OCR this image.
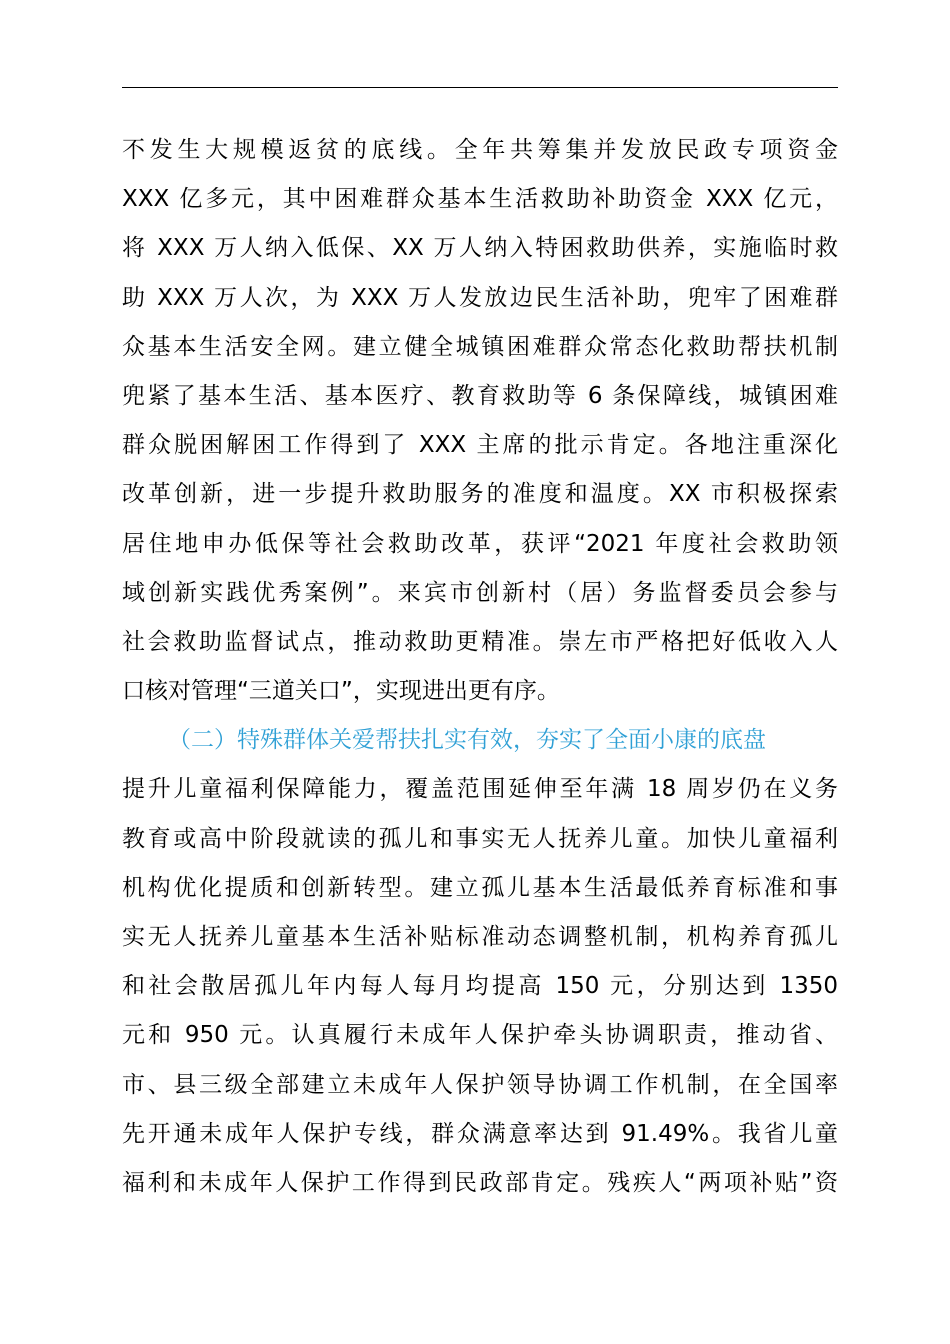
不发生大规模返贫的底线。全年共筹集并发放民政专项资金
XXX 亿多元，其中困难群众基本生活救助补助资金 XXX 亿元，
将 XXX 万人纳入低保、XX 万人纳入特困救助供养，实施临时救
助 XXX 万人次，为 XXX 万人发放边民生活补助，兜牢了困难群
众基本生活安全网。建立健全城镇困难群众常态化救助帮扶机制
兜紧了基本生活、基本医疗、教育救助等 6 条保障线，城镇困难
群众脱困解困工作得到了 XXX 主席的批示肯定。各地注重深化
改革创新，进一步提升救助服务的准度和温度。XX 市积极探索
居住地申办低保等社会救助改革，获评“2021 年度社会救助领
域创新实践优秀案例”。来宾市创新村（居）务监督委员会参与
社会救助监督试点，推动救助更精准。崇左市严格把好低收入人
口核对管理“三道关口”，实现进出更有序。
（二）特殊群体关爱帮扶扎实有效，夯实了全面小康的底盘
提升儿童福利保障能力，覆盖范围延伸至年满 18 周岁仍在义务
教育或高中阶段就读的孤儿和事实无人抚养儿童。加快儿童福利
机构优化提质和创新转型。建立孤儿基本生活最低养育标准和事
实无人抚养儿童基本生活补贴标准动态调整机制，机构养育孤儿
和社会散居孤儿年内每人每月均提高 150 元，分别达到 1350
元和 950 元。认真履行未成年人保护牵头协调职责，推动省、
市、县三级全部建立未成年人保护领导协调工作机制，在全国率
先开通未成年人保护专线，群众满意率达到 91.49%。我省儿童
福利和未成年人保护工作得到民政部肯定。残疾人“两项补贴”资
